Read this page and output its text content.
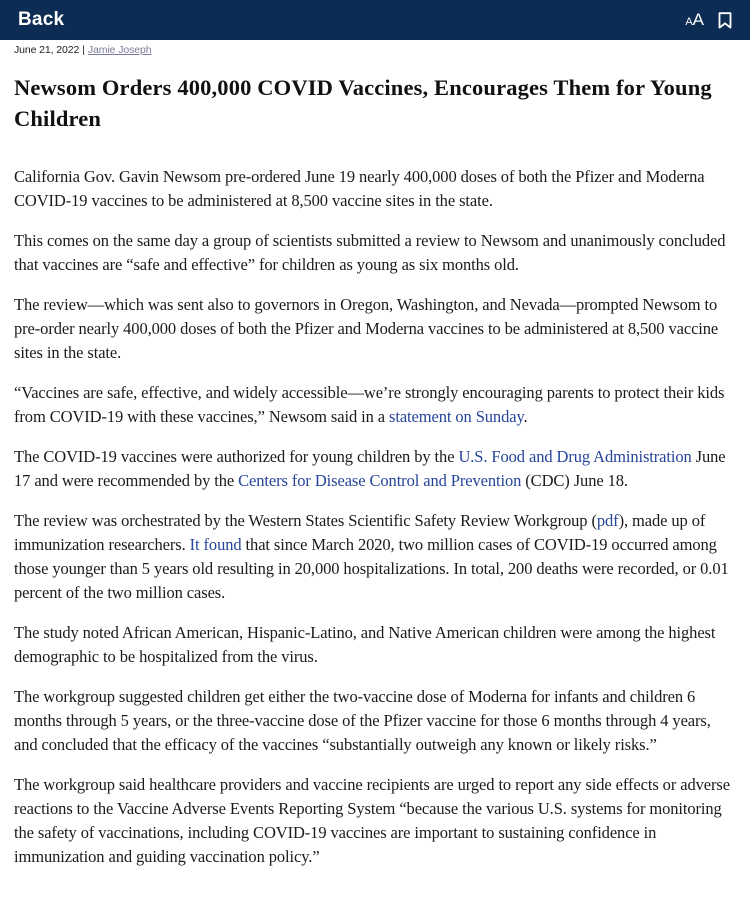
Back	A A
June 21, 2022 | Jamie Joseph
Newsom Orders 400,000 COVID Vaccines, Encourages Them for Young Children

California Gov. Gavin Newsom pre-ordered June 19 nearly 400,000 doses of both the Pfizer and Moderna COVID-19 vaccines to be administered at 8,500 vaccine sites in the state.

This comes on the same day a group of scientists submitted a review to Newsom and unanimously concluded that vaccines are “safe and effective” for children as young as six months old.

The review—which was sent also to governors in Oregon, Washington, and Nevada—prompted Newsom to pre-order nearly 400,000 doses of both the Pfizer and Moderna vaccines to be administered at 8,500 vaccine sites in the state.

“Vaccines are safe, effective, and widely accessible—we’re strongly encouraging parents to protect their kids from COVID-19 with these vaccines,” Newsom said in a statement on Sunday.

The COVID-19 vaccines were authorized for young children by the U.S. Food and Drug Administration June 17 and were recommended by the Centers for Disease Control and Prevention (CDC) June 18.

The review was orchestrated by the Western States Scientific Safety Review Workgroup (pdf), made up of immunization researchers. It found that since March 2020, two million cases of COVID-19 occurred among those younger than 5 years old resulting in 20,000 hospitalizations. In total, 200 deaths were recorded, or 0.01 percent of the two million cases.

The study noted African American, Hispanic-Latino, and Native American children were among the highest demographic to be hospitalized from the virus.

The workgroup suggested children get either the two-vaccine dose of Moderna for infants and children 6 months through 5 years, or the three-vaccine dose of the Pfizer vaccine for those 6 months through 4 years, and concluded that the efficacy of the vaccines “substantially outweigh any known or likely risks.”

The workgroup said healthcare providers and vaccine recipients are urged to report any side effects or adverse reactions to the Vaccine Adverse Events Reporting System “because the various U.S. systems for monitoring the safety of vaccinations, including COVID-19 vaccines are important to sustaining confidence in immunization and guiding vaccination policy.”
